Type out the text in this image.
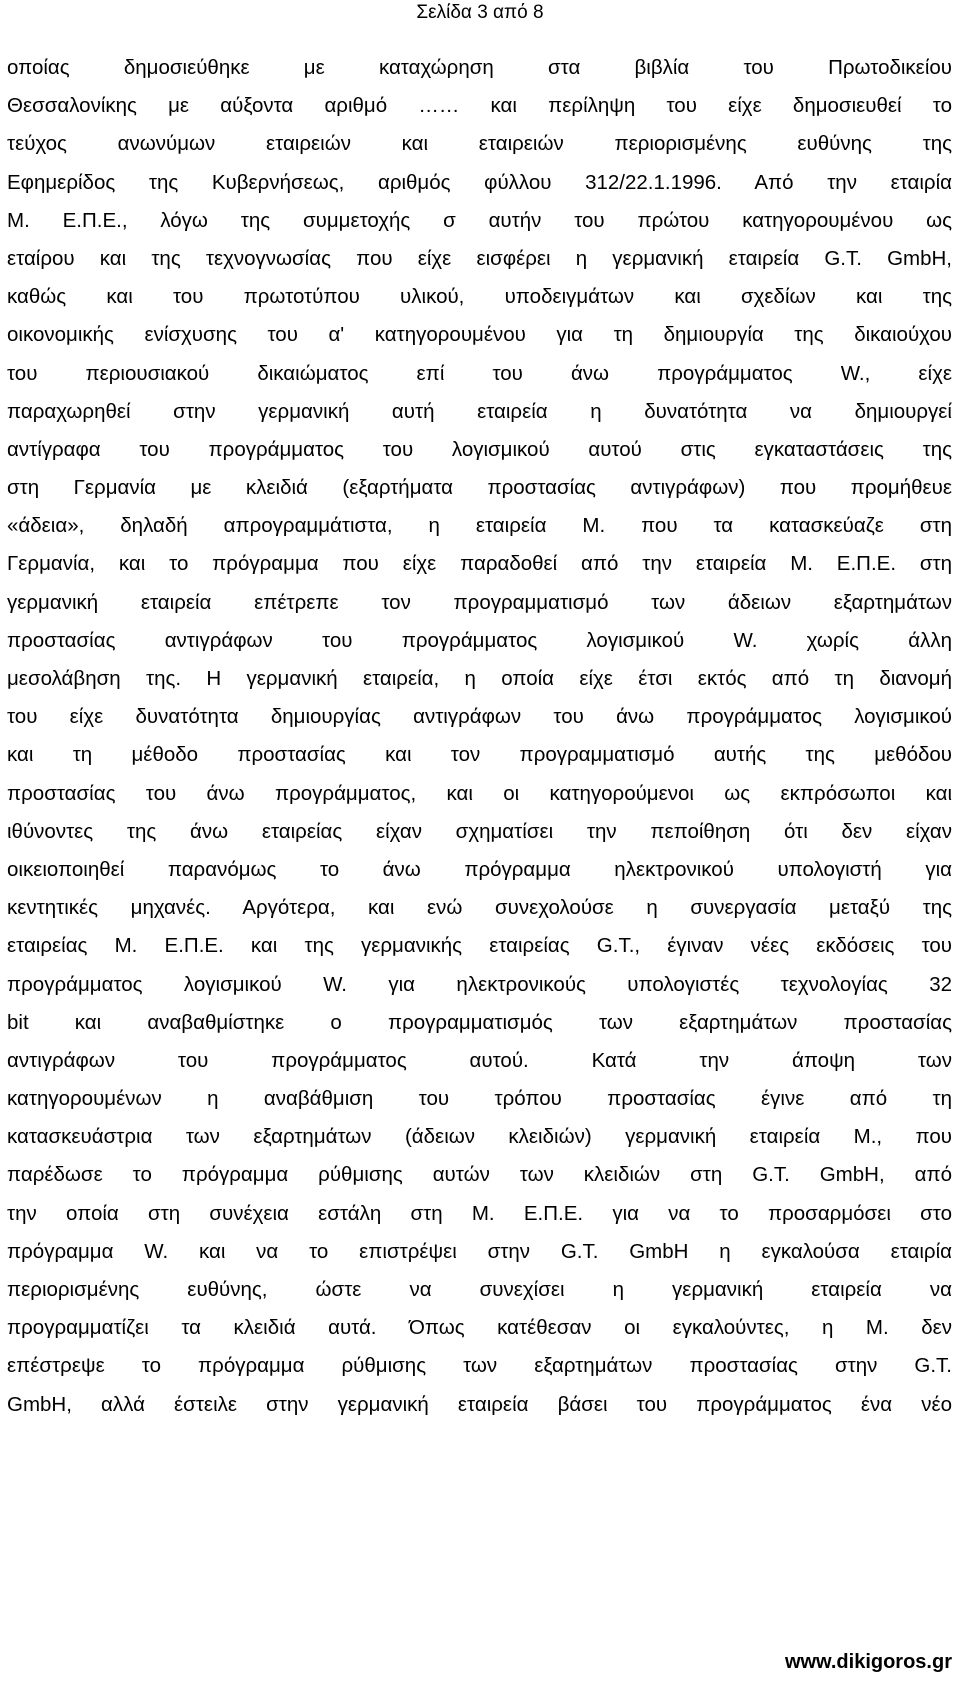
Σελίδα 3 από 8
οποίας δημοσιεύθηκε με καταχώρηση στα βιβλία του Πρωτοδικείου
Θεσσαλονίκης με αύξοντα αριθμό …… και περίληψη του είχε δημοσιευθεί το
τεύχος ανωνύμων εταιρειών και εταιρειών περιορισμένης ευθύνης της
Εφημερίδος της Κυβερνήσεως, αριθμός φύλλου 312/22.1.1996. Από την εταιρία
Μ. Ε.Π.Ε., λόγω της συμμετοχής σ αυτήν του πρώτου κατηγορουμένου ως
εταίρου και της τεχνογνωσίας που είχε εισφέρει η γερμανική εταιρεία G.T. GmbH,
καθώς και του πρωτοτύπου υλικού, υποδειγμάτων και σχεδίων και της
οικονομικής ενίσχυσης του α' κατηγορουμένου για τη δημιουργία της δικαιούχου
του περιουσιακού δικαιώματος επί του άνω προγράμματος W., είχε
παραχωρηθεί στην γερμανική αυτή εταιρεία η δυνατότητα να δημιουργεί
αντίγραφα του προγράμματος του λογισμικού αυτού στις εγκαταστάσεις της
στη Γερμανία με κλειδιά (εξαρτήματα προστασίας αντιγράφων) που προμήθευε
«άδεια», δηλαδή απρογραμμάτιστα, η εταιρεία Μ. που τα κατασκεύαζε στη
Γερμανία, και το πρόγραμμα που είχε παραδοθεί από την εταιρεία Μ. Ε.Π.Ε. στη
γερμανική εταιρεία επέτρεπε τον προγραμματισμό των άδειων εξαρτημάτων
προστασίας αντιγράφων του προγράμματος λογισμικού W. χωρίς άλλη
μεσολάβηση της. Η γερμανική εταιρεία, η οποία είχε έτσι εκτός από τη διανομή
του είχε δυνατότητα δημιουργίας αντιγράφων του άνω προγράμματος λογισμικού
και τη μέθοδο προστασίας και τον προγραμματισμό αυτής της μεθόδου
προστασίας του άνω προγράμματος, και οι κατηγορούμενοι ως εκπρόσωποι και
ιθύνοντες της άνω εταιρείας είχαν σχηματίσει την πεποίθηση ότι δεν είχαν
οικειοποιηθεί παρανόμως το άνω πρόγραμμα ηλεκτρονικού υπολογιστή για
κεντητικές μηχανές. Αργότερα, και ενώ συνεχολούσε η συνεργασία μεταξύ της
εταιρείας Μ. Ε.Π.Ε. και της γερμανικής εταιρείας G.T., έγιναν νέες εκδόσεις του
προγράμματος λογισμικού W. για ηλεκτρονικούς υπολογιστές τεχνολογίας 32
bit και αναβαθμίστηκε ο προγραμματισμός των εξαρτημάτων προστασίας
αντιγράφων του προγράμματος αυτού. Κατά την άποψη των
κατηγορουμένων η αναβάθμιση του τρόπου προστασίας έγινε από τη
κατασκευάστρια των εξαρτημάτων (άδειων κλειδιών) γερμανική εταιρεία Μ., που
παρέδωσε το πρόγραμμα ρύθμισης αυτών των κλειδιών στη G.T. GmbH, από
την οποία στη συνέχεια εστάλη στη Μ. Ε.Π.Ε. για να το προσαρμόσει στο
πρόγραμμα W. και να το επιστρέψει στην G.T. GmbH η εγκαλούσα εταιρία
περιορισμένης ευθύνης, ώστε να συνεχίσει η γερμανική εταιρεία να
προγραμματίζει τα κλειδιά αυτά. Όπως κατέθεσαν οι εγκαλούντες, η Μ. δεν
επέστρεψε το πρόγραμμα ρύθμισης των εξαρτημάτων προστασίας στην G.T.
GmbH, αλλά έστειλε στην γερμανική εταιρεία βάσει του προγράμματος ένα νέο
www.dikigoros.gr
